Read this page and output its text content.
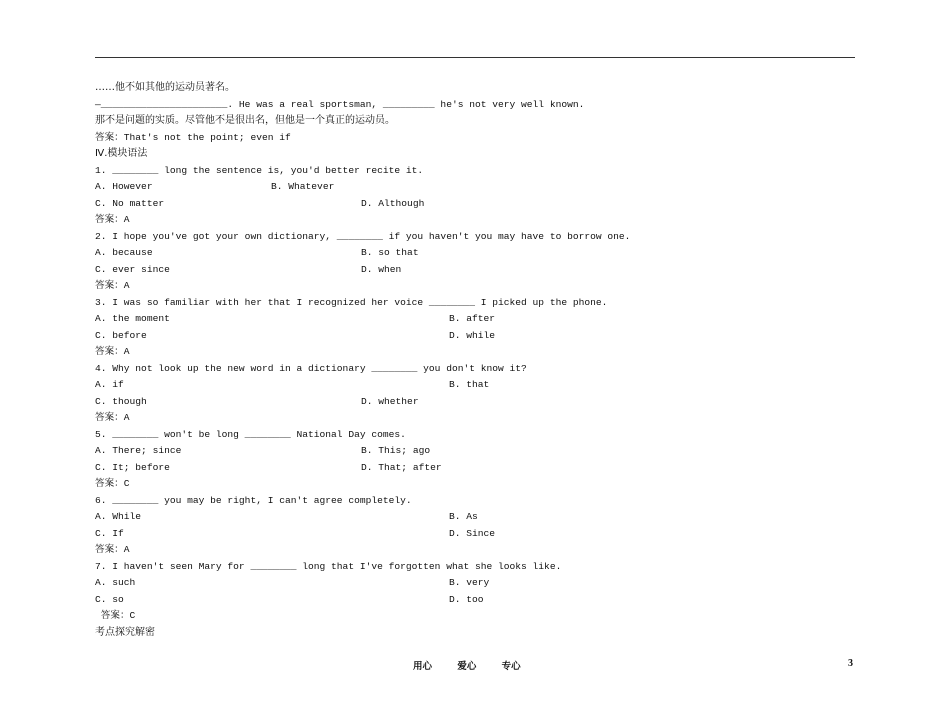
……他不如其他的运动员著名。
—______________________. He was a real sportsman, _________ he's not very well known.
那不是问题的实质。尽管他不是很出名，但他是一个真正的运动员。
答案：That's not the point; even if
Ⅳ.模块语法
1. ________ long the sentence is, you'd better recite it.
A. However	B. Whatever
C. No matter	D. Although
答案：A
2. I hope you've got your own dictionary, ________ if you haven't you may have to borrow one.
A. because	B. so that
C. ever since	D. when
答案：A
3. I was so familiar with her that I recognized her voice ________ I picked up the phone.
A. the moment	B. after
C. before	D. while
答案：A
4. Why not look up the new word in a dictionary ________ you don't know it?
A. if	B. that
C. though	D. whether
答案：A
5. ________ won't be long ________ National Day comes.
A. There; since	B. This; ago
C. It; before	D. That; after
答案：C
6. ________ you may be right, I can't agree completely.
A. While	B. As
C. If	D. Since
答案：A
7. I haven't seen Mary for ________ long that I've forgotten what she looks like.
A. such	B. very
C. so	D. too
答案：C
考点探究解密
用心	爱心	专心	3
